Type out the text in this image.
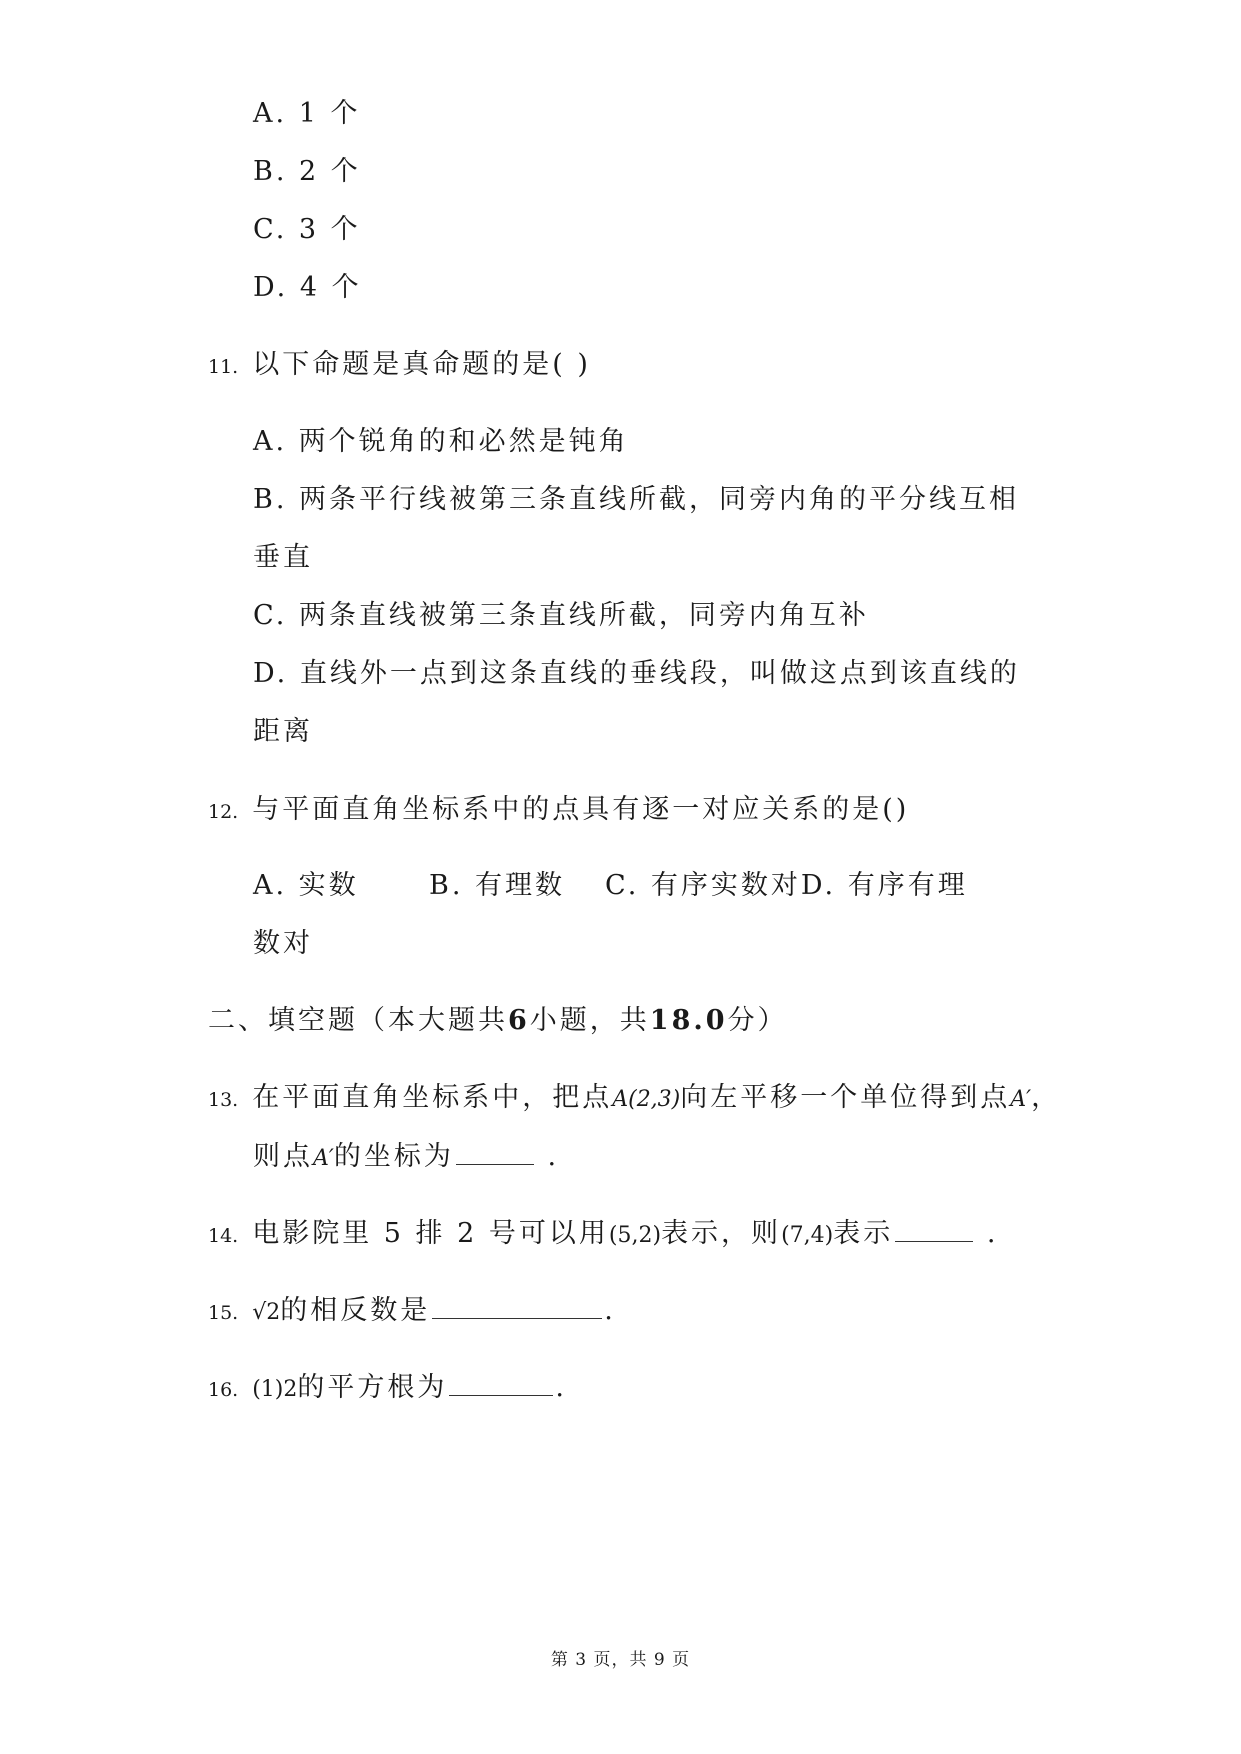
A. 1 个
B. 2 个
C. 3 个
D. 4 个
11. 以下命题是真命题的是( )
A. 两个锐角的和必然是钝角
B. 两条平行线被第三条直线所截，同旁内角的平分线互相
垂直
C. 两条直线被第三条直线所截，同旁内角互补
D. 直线外一点到这条直线的垂线段，叫做这点到该直线的
距离
12. 与平面直角坐标系中的点具有逐一对应关系的是()
A. 实数	B. 有理数 C. 有序实数对D. 有序有理
数对
二、填空题（本大题共6小题，共18.0分）
13. 在平面直角坐标系中，把点A(2,3)向左平移一个单位得到点A′，
则点A′的坐标为	.
14. 电影院里 5 排 2 号可以用(5,2)表示，则(7,4)表示	.
15. √2的相反数是	.
16. (1)2的平方根为	.
第 3 页，共 9 页
